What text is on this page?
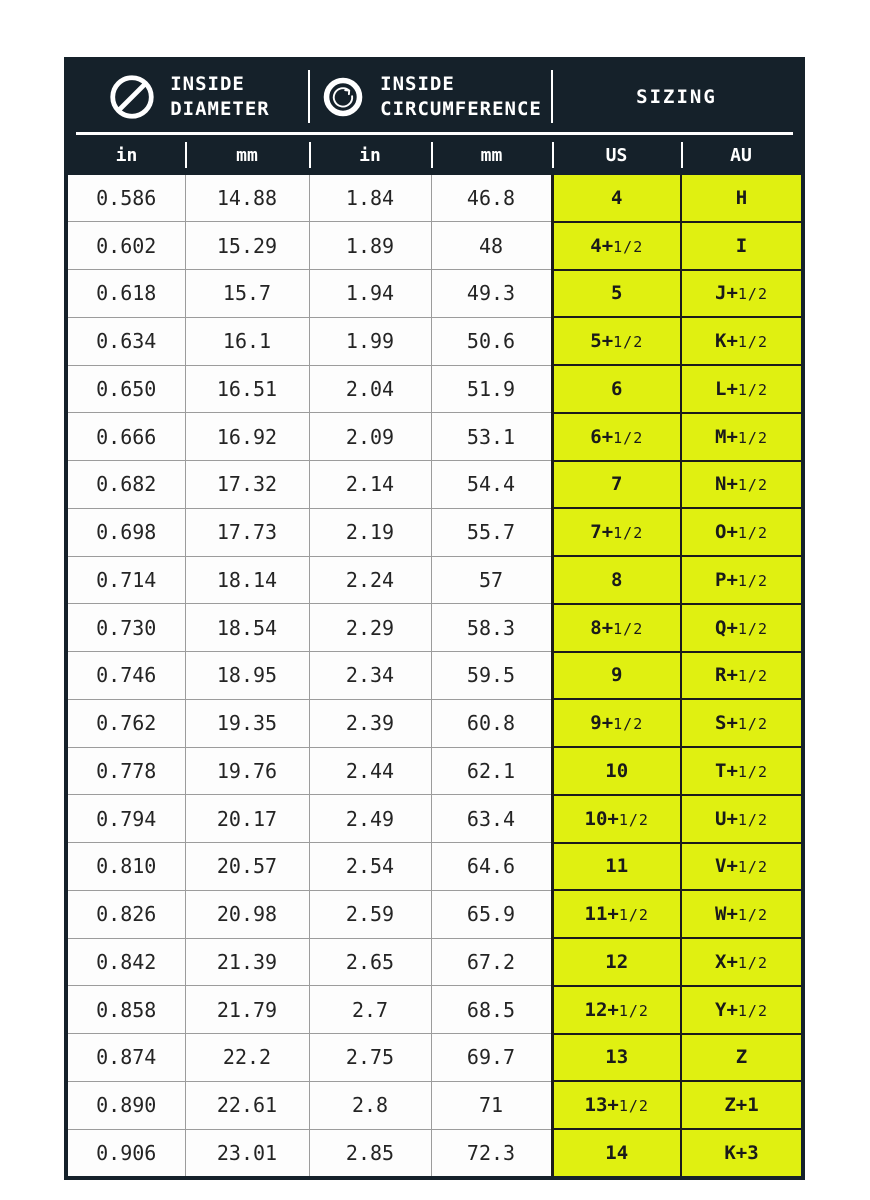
INSIDE
DIAMETER
INSIDE
CIRCUMFERENCE
SIZING
in	mm	in	mm	US	AU
0.586	14.88	1.84	46.8	4	H
0.602	15.29	1.89	48	4+1/2	I
0.618	15.7	1.94	49.3	5	J+1/2
0.634	16.1	1.99	50.6	5+1/2	K+1/2
0.650	16.51	2.04	51.9	6	L+1/2
0.666	16.92	2.09	53.1	6+1/2	M+1/2
0.682	17.32	2.14	54.4	7	N+1/2
0.698	17.73	2.19	55.7	7+1/2	O+1/2
0.714	18.14	2.24	57	8	P+1/2
0.730	18.54	2.29	58.3	8+1/2	Q+1/2
0.746	18.95	2.34	59.5	9	R+1/2
0.762	19.35	2.39	60.8	9+1/2	S+1/2
0.778	19.76	2.44	62.1	10	T+1/2
0.794	20.17	2.49	63.4	10+1/2	U+1/2
0.810	20.57	2.54	64.6	11	V+1/2
0.826	20.98	2.59	65.9	11+1/2	W+1/2
0.842	21.39	2.65	67.2	12	X+1/2
0.858	21.79	2.7	68.5	12+1/2	Y+1/2
0.874	22.2	2.75	69.7	13	Z
0.890	22.61	2.8	71	13+1/2	Z+1
0.906	23.01	2.85	72.3	14	K+3
